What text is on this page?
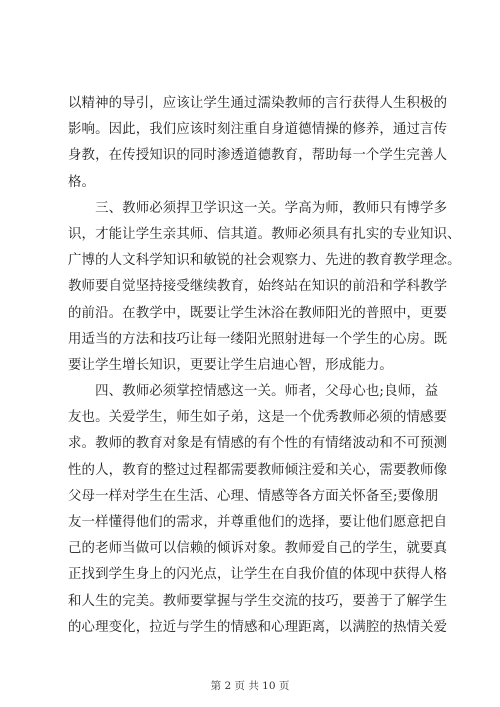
以精神的导引，应该让学生通过濡染教师的言行获得人生积极的
影响。因此，我们应该时刻注重自身道德情操的修养，通过言传
身教，在传授知识的同时渗透道德教育，帮助每一个学生完善人
格。
　　三、教师必须捍卫学识这一关。学高为师，教师只有博学多
识，才能让学生亲其师、信其道。教师必须具有扎实的专业知识、
广博的人文科学知识和敏锐的社会观察力、先进的教育教学理念。
教师要自觉坚持接受继续教育，始终站在知识的前沿和学科教学
的前沿。在教学中，既要让学生沐浴在教师阳光的普照中，更要
用适当的方法和技巧让每一缕阳光照射进每一个学生的心房。既
要让学生增长知识，更要让学生启迪心智，形成能力。
　　四、教师必须掌控情感这一关。师者，父母心也;良师，益
友也。关爱学生，师生如子弟，这是一个优秀教师必须的情感要
求。教师的教育对象是有情感的有个性的有情绪波动和不可预测
性的人，教育的整过过程都需要教师倾注爱和关心，需要教师像
父母一样对学生在生活、心理、情感等各方面关怀备至;要像朋
友一样懂得他们的需求，并尊重他们的选择，要让他们愿意把自
己的老师当做可以信赖的倾诉对象。教师爱自己的学生，就要真
正找到学生身上的闪光点，让学生在自我价值的体现中获得人格
和人生的完美。教师要掌握与学生交流的技巧，要善于了解学生
的心理变化，拉近与学生的情感和心理距离，以满腔的热情关爱
第 2 页 共 10 页
